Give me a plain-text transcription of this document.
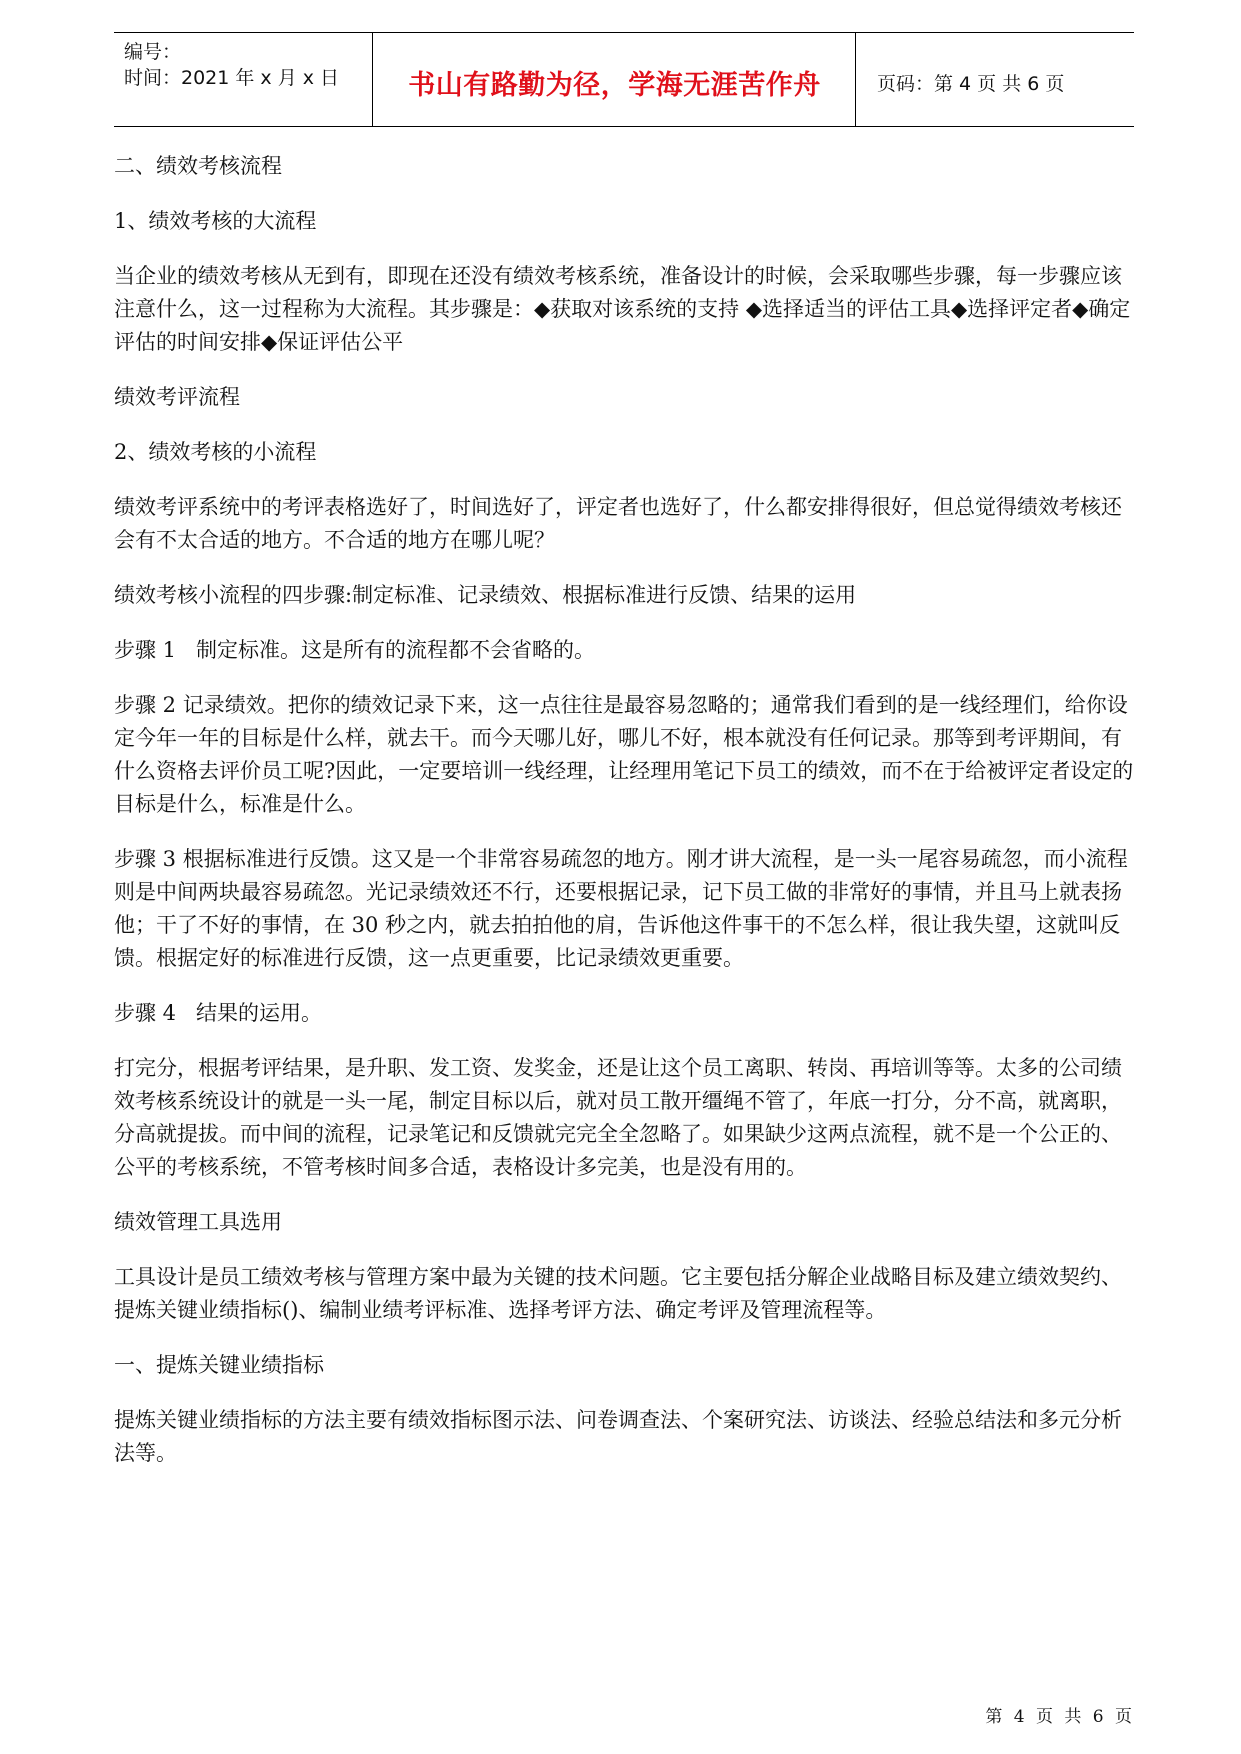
编号：
时间：2021 年 x 月 x 日	书山有路勤为径，学海无涯苦作舟	页码：第 4 页 共 6 页

二、绩效考核流程

1、绩效考核的大流程

当企业的绩效考核从无到有，即现在还没有绩效考核系统，准备设计的时候，会采取哪些步骤，每一步骤应该注意什么，这一过程称为大流程。其步骤是：◆获取对该系统的支持 ◆选择适当的评估工具◆选择评定者◆确定评估的时间安排◆保证评估公平

绩效考评流程

2、绩效考核的小流程

绩效考评系统中的考评表格选好了，时间选好了，评定者也选好了，什么都安排得很好，但总觉得绩效考核还会有不太合适的地方。不合适的地方在哪儿呢？

绩效考核小流程的四步骤:制定标准、记录绩效、根据标准进行反馈、结果的运用

步骤 1   制定标准。这是所有的流程都不会省略的。

步骤 2 记录绩效。把你的绩效记录下来，这一点往往是最容易忽略的；通常我们看到的是一线经理们，给你设定今年一年的目标是什么样，就去干。而今天哪儿好，哪儿不好，根本就没有任何记录。那等到考评期间，有什么资格去评价员工呢?因此，一定要培训一线经理，让经理用笔记下员工的绩效，而不在于给被评定者设定的目标是什么，标准是什么。

步骤 3 根据标准进行反馈。这又是一个非常容易疏忽的地方。刚才讲大流程，是一头一尾容易疏忽，而小流程则是中间两块最容易疏忽。光记录绩效还不行，还要根据记录，记下员工做的非常好的事情，并且马上就表扬他；干了不好的事情，在 30 秒之内，就去拍拍他的肩，告诉他这件事干的不怎么样，很让我失望，这就叫反馈。根据定好的标准进行反馈，这一点更重要，比记录绩效更重要。

步骤 4   结果的运用。

打完分，根据考评结果，是升职、发工资、发奖金，还是让这个员工离职、转岗、再培训等等。太多的公司绩效考核系统设计的就是一头一尾，制定目标以后，就对员工散开缰绳不管了，年底一打分，分不高，就离职，分高就提拔。而中间的流程，记录笔记和反馈就完完全全忽略了。如果缺少这两点流程，就不是一个公正的、公平的考核系统，不管考核时间多合适，表格设计多完美，也是没有用的。

绩效管理工具选用

工具设计是员工绩效考核与管理方案中最为关键的技术问题。它主要包括分解企业战略目标及建立绩效契约、提炼关键业绩指标()、编制业绩考评标准、选择考评方法、确定考评及管理流程等。

一、提炼关键业绩指标

提炼关键业绩指标的方法主要有绩效指标图示法、问卷调查法、个案研究法、访谈法、经验总结法和多元分析法等。

第 4 页 共 6 页
